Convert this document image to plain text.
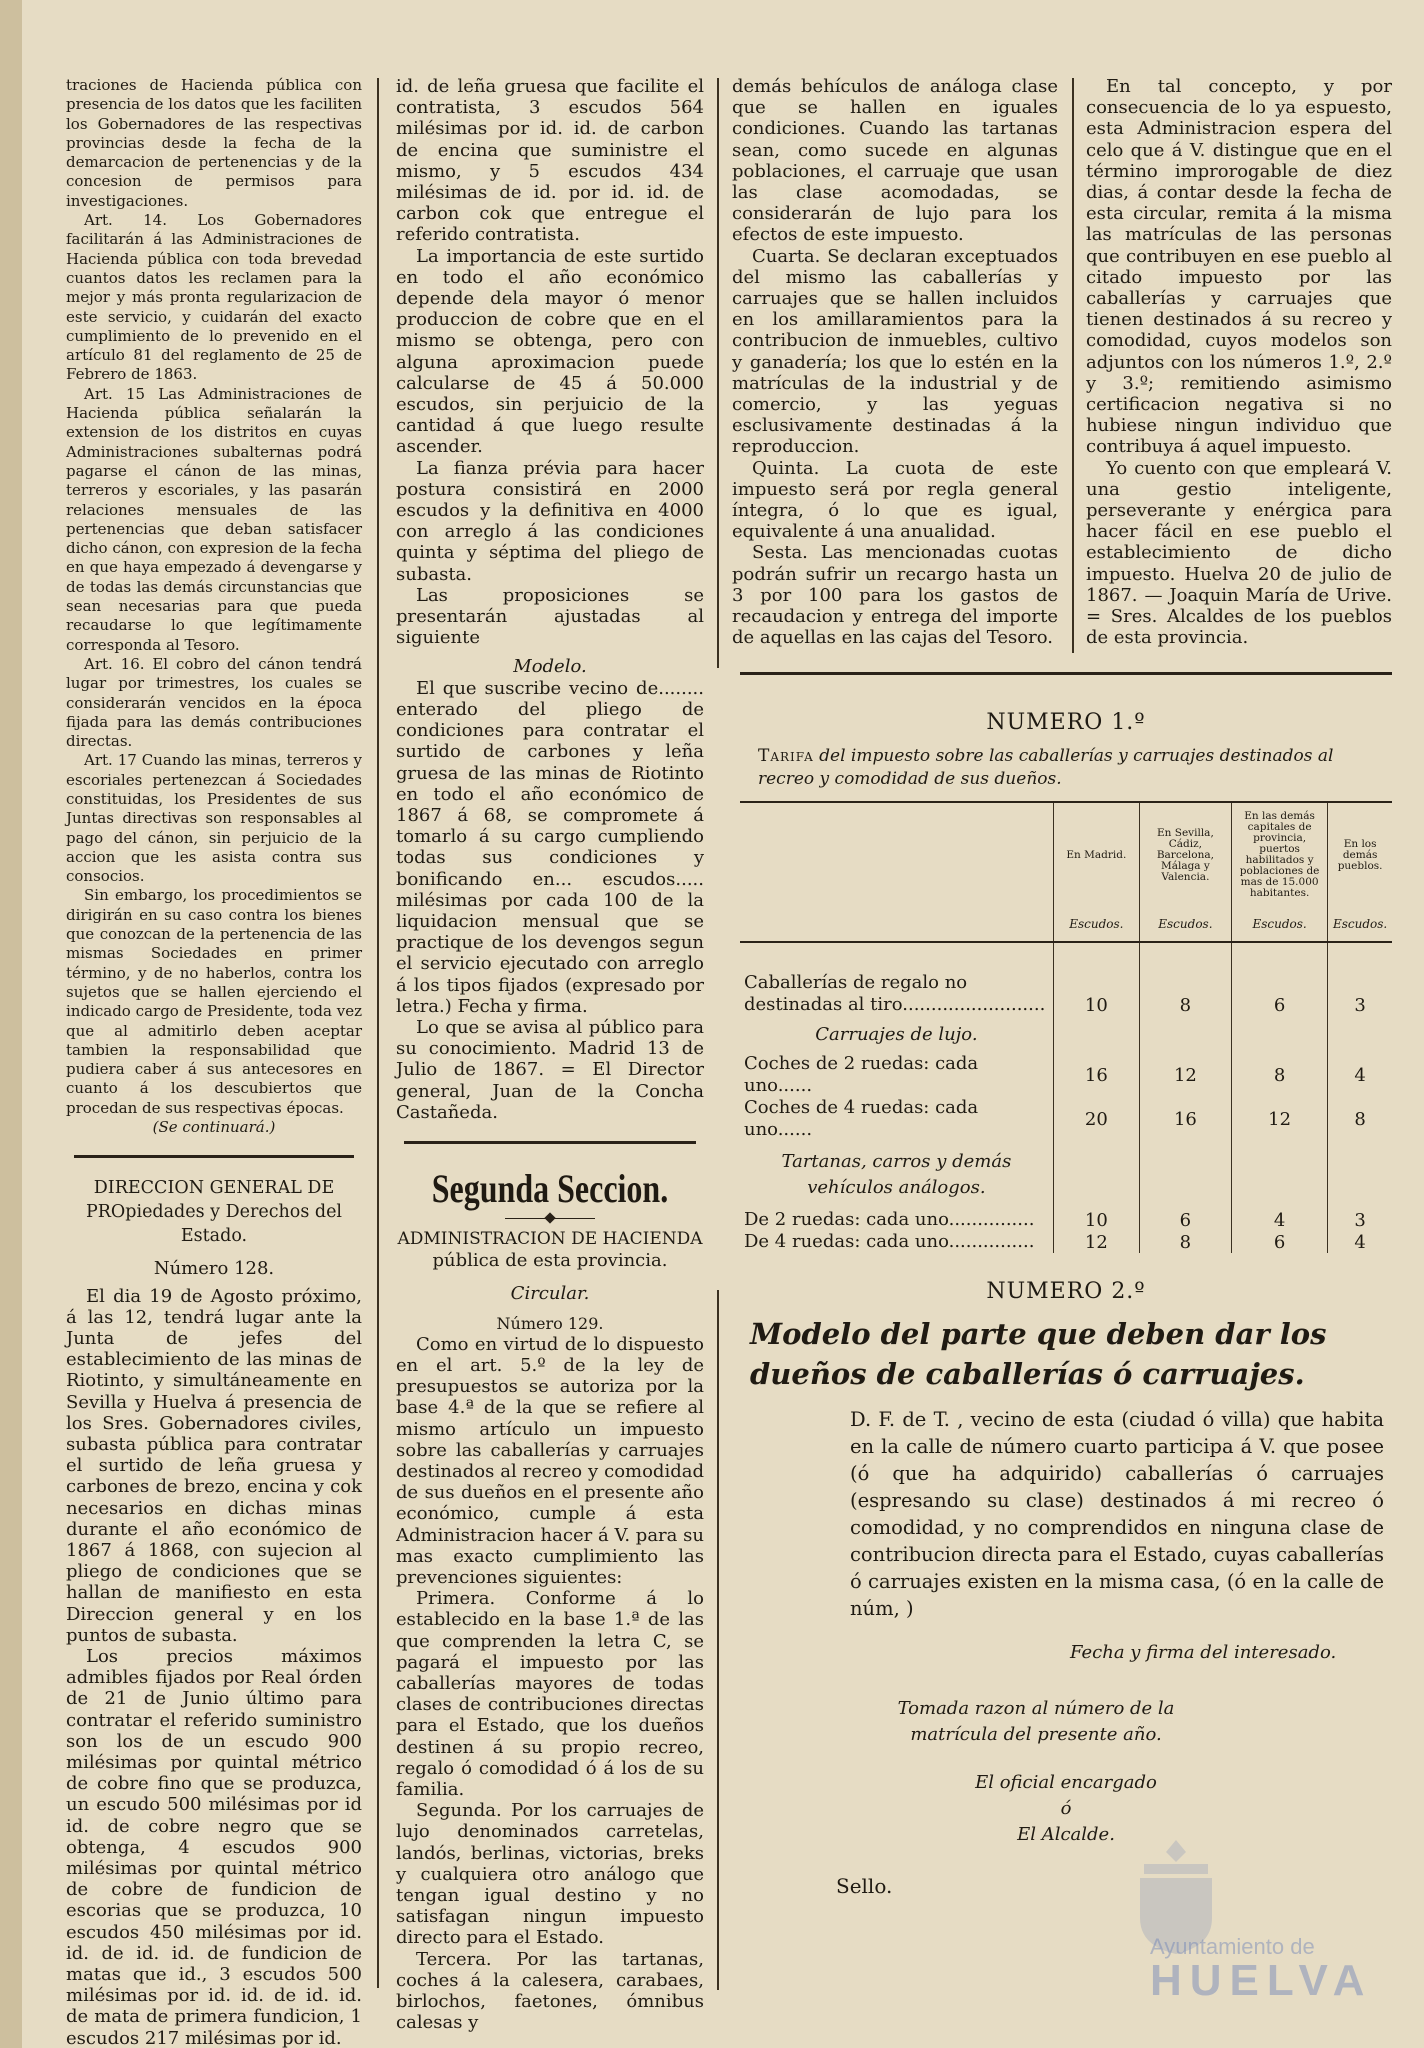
traciones de Hacienda pública con presencia de los datos que les faciliten los Gobernadores de las respectivas provincias desde la fecha de la demarcacion de pertenencias y de la concesion de permisos para investigaciones.

Art. 14. Los Gobernadores facilitarán á las Administraciones de Hacienda pública con toda brevedad cuantos datos les reclamen para la mejor y más pronta regularizacion de este servicio, y cuidarán del exacto cumplimiento de lo prevenido en el artículo 81 del reglamento de 25 de Febrero de 1863.

Art. 15 Las Administraciones de Hacienda pública señalarán la extension de los distritos en cuyas Administraciones subalternas podrá pagarse el cánon de las minas, terreros y escoriales, y las pasarán relaciones mensuales de las pertenencias que deban satisfacer dicho cánon, con expresion de la fecha en que haya empezado á devengarse y de todas las demás circunstancias que sean necesarias para que pueda recaudarse lo que legítimamente corresponda al Tesoro.

Art. 16. El cobro del cánon tendrá lugar por trimestres, los cuales se considerarán vencidos en la época fijada para las demás contribuciones directas.

Art. 17 Cuando las minas, terreros y escoriales pertenezcan á Sociedades constituidas, los Presidentes de sus Juntas directivas son responsables al pago del cánon, sin perjuicio de la accion que les asista contra sus consocios.

Sin embargo, los procedimientos se dirigirán en su caso contra los bienes que conozcan de la pertenencia de las mismas Sociedades en primer término, y de no haberlos, contra los sujetos que se hallen ejerciendo el indicado cargo de Presidente, toda vez que al admitirlo deben aceptar tambien la responsabilidad que pudiera caber á sus antecesores en cuanto á los descubiertos que procedan de sus respectivas épocas.

(Se continuará.)

DIRECCION GENERAL DE PROpiedades y Derechos del Estado.

Número 128.

El dia 19 de Agosto próximo, á las 12, tendrá lugar ante la Junta de jefes del establecimiento de las minas de Riotinto, y simultáneamente en Sevilla y Huelva á presencia de los Sres. Gobernadores civiles, subasta pública para contratar el surtido de leña gruesa y carbones de brezo, encina y cok necesarios en dichas minas durante el año económico de 1867 á 1868, con sujecion al pliego de condiciones que se hallan de manifiesto en esta Direccion general y en los puntos de subasta.

Los precios máximos admibles fijados por Real órden de 21 de Junio último para contratar el referido suministro son los de un escudo 900 milésimas por quintal métrico de cobre fino que se produzca, un escudo 500 milésimas por id id. de cobre negro que se obtenga, 4 escudos 900 milésimas por quintal métrico de cobre de fundicion de escorias que se produzca, 10 escudos 450 milésimas por id. id. de id. id. de fundicion de matas que id., 3 escudos 500 milésimas por id. id. de id. id. de mata de primera fundicion, 1 escudos 217 milésimas por id.

id. de leña gruesa que facilite el contratista, 3 escudos 564 milésimas por id. id. de carbon de encina que suministre el mismo, y 5 escudos 434 milésimas de id. por id. id. de carbon cok que entregue el referido contratista.

La importancia de este surtido en todo el año económico depende dela mayor ó menor produccion de cobre que en el mismo se obtenga, pero con alguna aproximacion puede calcularse de 45 á 50.000 escudos, sin perjuicio de la cantidad á que luego resulte ascender.

La fianza prévia para hacer postura consistirá en 2000 escudos y la definitiva en 4000 con arreglo á las condiciones quinta y séptima del pliego de subasta.

Las proposiciones se presentarán ajustadas al siguiente

Modelo.

El que suscribe vecino de........ enterado del pliego de condiciones para contratar el surtido de carbones y leña gruesa de las minas de Riotinto en todo el año económico de 1867 á 68, se compromete á tomarlo á su cargo cumpliendo todas sus condiciones y bonificando en... escudos..... milésimas por cada 100 de la liquidacion mensual que se practique de los devengos segun el servicio ejecutado con arreglo á los tipos fijados (expresado por letra.) Fecha y firma.

Lo que se avisa al público para su conocimiento. Madrid 13 de Julio de 1867. = El Director general, Juan de la Concha Castañeda.

Segunda Seccion.

ADMINISTRACION DE HACIENDA

pública de esta provincia.

Circular.

Número 129.

Como en virtud de lo dispuesto en el art. 5.º de la ley de presupuestos se autoriza por la base 4.ª de la que se refiere al mismo artículo un impuesto sobre las caballerías y carruajes destinados al recreo y comodidad de sus dueños en el presente año económico, cumple á esta Administracion hacer á V. para su mas exacto cumplimiento las prevenciones siguientes:

Primera. Conforme á lo establecido en la base 1.ª de las que comprenden la letra C, se pagará el impuesto por las caballerías mayores de todas clases de contribuciones directas para el Estado, que los dueños destinen á su propio recreo, regalo ó comodidad ó á los de su familia.

Segunda. Por los carruajes de lujo denominados carretelas, landós, berlinas, victorias, breks y cualquiera otro análogo que tengan igual destino y no satisfagan ningun impuesto directo para el Estado.

Tercera. Por las tartanas, coches á la calesera, carabaes, birlochos, faetones, ómnibus calesas y

demás behículos de análoga clase que se hallen en iguales condiciones. Cuando las tartanas sean, como sucede en algunas poblaciones, el carruaje que usan las clase acomodadas, se considerarán de lujo para los efectos de este impuesto.

Cuarta. Se declaran exceptuados del mismo las caballerías y carruajes que se hallen incluidos en los amillaramientos para la contribucion de inmuebles, cultivo y ganadería; los que lo estén en la matrículas de la industrial y de comercio, y las yeguas esclusivamente destinadas á la reproduccion.

Quinta. La cuota de este impuesto será por regla general íntegra, ó lo que es igual, equivalente á una anualidad.

Sesta. Las mencionadas cuotas podrán sufrir un recargo hasta un 3 por 100 para los gastos de recaudacion y entrega del importe de aquellas en las cajas del Tesoro.

En tal concepto, y por consecuencia de lo ya espuesto, esta Administracion espera del celo que á V. distingue que en el término improrogable de diez dias, á contar desde la fecha de esta circular, remita á la misma las matrículas de las personas que contribuyen en ese pueblo al citado impuesto por las caballerías y carruajes que tienen destinados á su recreo y comodidad, cuyos modelos son adjuntos con los números 1.º, 2.º y 3.º; remitiendo asimismo certificacion negativa si no hubiese ningun individuo que contribuya á aquel impuesto.

Yo cuento con que empleará V. una gestio inteligente, perseverante y enérgica para hacer fácil en ese pueblo el establecimiento de dicho impuesto. Huelva 20 de julio de 1867. — Joaquin María de Urive. = Sres. Alcaldes de los pueblos de esta provincia.

NUMERO 1.º
Tarifa del impuesto sobre las caballerías y carruajes destinados al recreo y comodidad de sus dueños.
	En Madrid.	En Sevilla, Cádiz, Barcelona, Málaga y Valencia.	En las demás capitales de provincia, puertos habilitados y poblaciones de mas de 15.000 habitantes.	En los demás pueblos.
	Escudos.	Escudos.	Escudos.	Escudos.

Caballerías de regalo no destinadas al tiro.........................	10	8	6	3
Carruajes de lujo.				
Coches de 2 ruedas: cada uno......	16	12	8	4
Coches de 4 ruedas: cada uno......	20	16	12	8
Tartanas, carros y demás vehículos análogos.				
De 2 ruedas: cada uno...............	10	6	4	3
De 4 ruedas: cada uno...............	12	8	6	4
NUMERO 2.º
Modelo del parte que deben dar los dueños de caballerías ó carruajes.
D. F. de T. , vecino de esta (ciudad ó villa) que habita en la calle de número cuarto participa á V. que posee (ó que ha adquirido) caballerías ó carruajes (espresando su clase) destinados á mi recreo ó comodidad, y no comprendidos en ninguna clase de contribucion directa para el Estado, cuyas caballerías ó carruajes existen en la misma casa, (ó en la calle de núm, )
Fecha y firma del interesado.
Tomada razon al número de la matrícula del presente año.
El oficial encargado
ó
El Alcalde.
Sello.
Ayuntamiento de
HUELVA
